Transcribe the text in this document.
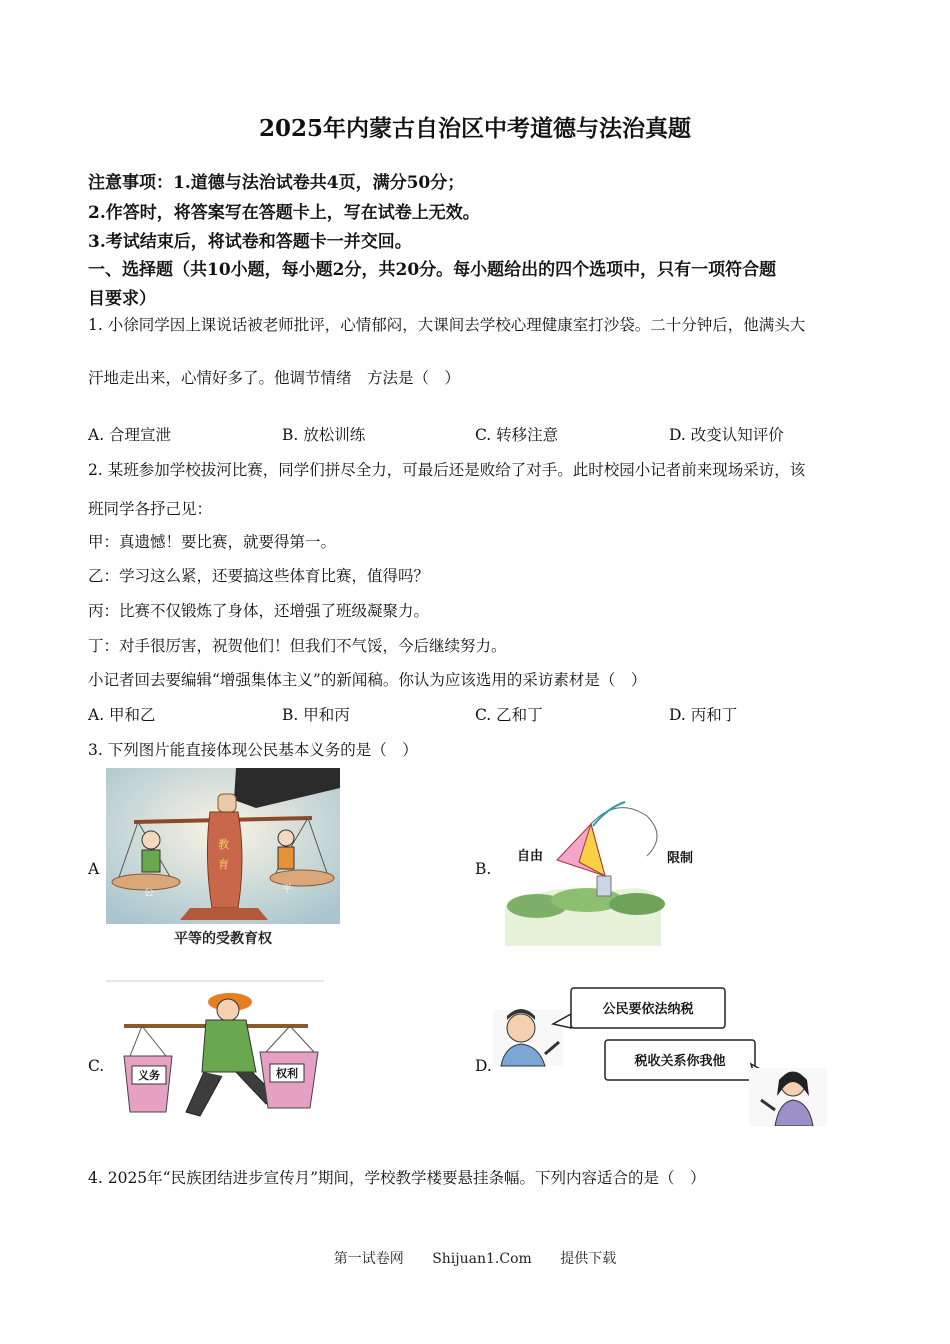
2025年内蒙古自治区中考道德与法治真题
注意事项：1.道德与法治试卷共4页，满分50分；
2.作答时，将答案写在答题卡上，写在试卷上无效。
3.考试结束后，将试卷和答题卡一并交回。
一、选择题（共10小题，每小题2分，共20分。每小题给出的四个选项中，只有一项符合题
目要求）
1. 小徐同学因上课说话被老师批评，心情郁闷，大课间去学校心理健康室打沙袋。二十分钟后，他满头大
汗地走出来，心情好多了。他调节情绪　方法是（　）
A. 合理宣泄	B. 放松训练	C. 转移注意	D. 改变认知评价
2. 某班参加学校拔河比赛，同学们拼尽全力，可最后还是败给了对手。此时校园小记者前来现场采访，该
班同学各抒己见：
甲：真遗憾！要比赛，就要得第一。
乙：学习这么紧，还要搞这些体育比赛，值得吗？
丙：比赛不仅锻炼了身体，还增强了班级凝聚力。
丁：对手很厉害，祝贺他们！但我们不气馁，今后继续努力。
小记者回去要编辑“增强集体主义”的新闻稿。你认为应该选用的采访素材是（　）
A. 甲和乙	B. 甲和丙	C. 乙和丁	D. 丙和丁
3. 下列图片能直接体现公民基本义务的是（　）
A	B.
C.	D.
教
育
公	平
平等的受教育权
自由	限制
义务	权利
公民要依法纳税
税收关系你我他
4. 2025年“民族团结进步宣传月”期间，学校教学楼要悬挂条幅。下列内容适合的是（　）
第一试卷网 Shijuan1.Com 提供下载
